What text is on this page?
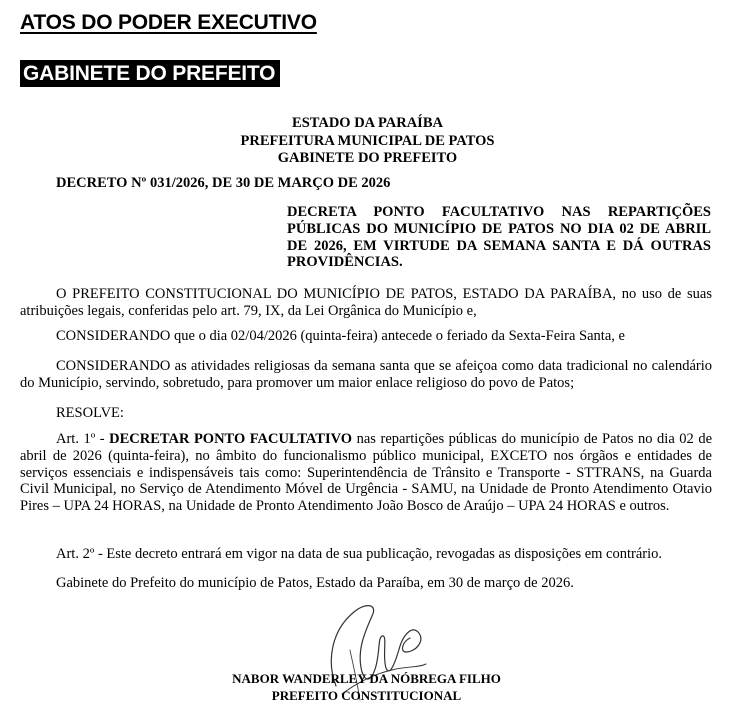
ATOS DO PODER EXECUTIVO
GABINETE DO PREFEITO
ESTADO DA PARAÍBA
PREFEITURA MUNICIPAL DE PATOS
GABINETE DO PREFEITO
DECRETO Nº 031/2026, DE 30 DE MARÇO DE 2026
DECRETA PONTO FACULTATIVO NAS REPARTIÇÕES PÚBLICAS DO MUNICÍPIO DE PATOS NO DIA 02 DE ABRIL DE 2026, EM VIRTUDE DA SEMANA SANTA E DÁ OUTRAS PROVIDÊNCIAS.
O PREFEITO CONSTITUCIONAL DO MUNICÍPIO DE PATOS, ESTADO DA PARAÍBA, no uso de suas atribuições legais, conferidas pelo art. 79, IX, da Lei Orgânica do Município e,
CONSIDERANDO que o dia 02/04/2026 (quinta-feira) antecede o feriado da Sexta-Feira Santa, e
CONSIDERANDO as atividades religiosas da semana santa que se afeiçoa como data tradicional no calendário do Município, servindo, sobretudo, para promover um maior enlace religioso do povo de Patos;
RESOLVE:
Art. 1º - DECRETAR PONTO FACULTATIVO nas repartições públicas do município de Patos no dia 02 de abril de 2026 (quinta-feira), no âmbito do funcionalismo público municipal, EXCETO nos órgãos e entidades de serviços essenciais e indispensáveis tais como: Superintendência de Trânsito e Transporte - STTRANS, na Guarda Civil Municipal, no Serviço de Atendimento Móvel de Urgência - SAMU, na Unidade de Pronto Atendimento Otavio Pires – UPA 24 HORAS, na Unidade de Pronto Atendimento João Bosco de Araújo – UPA 24 HORAS e outros.
Art. 2º - Este decreto entrará em vigor na data de sua publicação, revogadas as disposições em contrário.
Gabinete do Prefeito do município de Patos, Estado da Paraíba, em 30 de março de 2026.
NABOR WANDERLEY DA NÓBREGA FILHO
PREFEITO CONSTITUCIONAL
